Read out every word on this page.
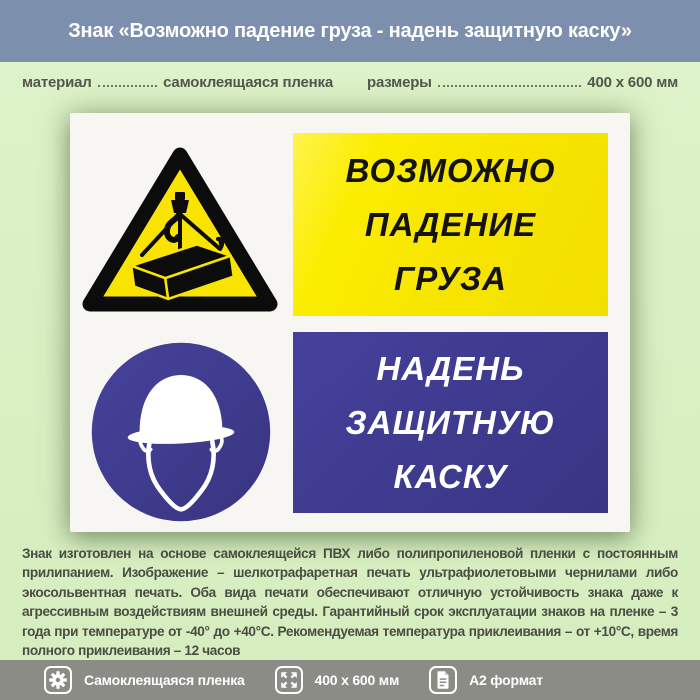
Знак «Возможно падение груза - надень защитную каску»
материал	самоклеящаяся пленка размеры	400 x 600 мм
ВОЗМОЖНО
ПАДЕНИЕ
ГРУЗА
НАДЕНЬ
ЗАЩИТНУЮ
КАСКУ
Знак изготовлен на основе самоклеящейся ПВХ либо полипропиленовой пленки с постоянным прилипанием. Изображение – шелкотрафаретная печать ультрафиолетовыми чернилами либо экосольвентная печать. Оба вида печати обеспечивают отличную устойчивость знака даже к агрессивным воздействиям внешней среды. Гарантийный срок эксплуатации знаков на пленке – 3 года при температуре от -40° до +40°С. Рекомендуемая температура приклеивания – от +10°С, время полного приклеивания – 12 часов
Самоклеящаяся пленка	400 x 600 мм	А2 формат
